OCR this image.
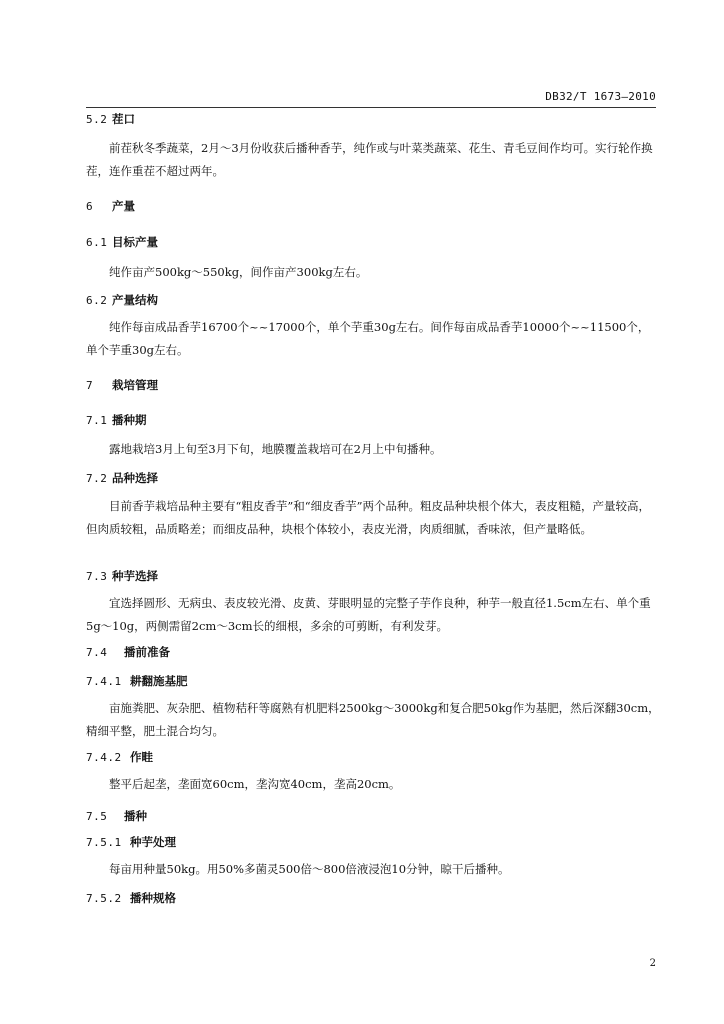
DB32/T 1673—2010
5.2 茬口

前茬秋冬季蔬菜，2月～3月份收获后播种香芋，纯作或与叶菜类蔬菜、花生、青毛豆间作均可。实行轮作换茬，连作重茬不超过两年。

6 产量
6.1 目标产量

纯作亩产500kg～550kg，间作亩产300kg左右。

6.2 产量结构

纯作每亩成品香芋16700个~~17000个，单个芋重30g左右。间作每亩成品香芋10000个~~11500个，单个芋重30g左右。

7 栽培管理
7.1 播种期

露地栽培3月上旬至3月下旬，地膜覆盖栽培可在2月上中旬播种。

7.2 品种选择

目前香芋栽培品种主要有“粗皮香芋”和“细皮香芋”两个品种。粗皮品种块根个体大，表皮粗糙，产量较高，但肉质较粗，品质略差；而细皮品种，块根个体较小，表皮光滑，肉质细腻，香味浓，但产量略低。

7.3 种芋选择

宜选择圆形、无病虫、表皮较光滑、皮黄、芽眼明显的完整子芋作良种，种芋一般直径1.5cm左右、单个重5g～10g，两侧需留2cm～3cm长的细根，多余的可剪断，有利发芽。

7.4 播前准备
7.4.1 耕翻施基肥

亩施粪肥、灰杂肥、植物秸秆等腐熟有机肥料2500kg～3000kg和复合肥50kg作为基肥，然后深翻30cm，精细平整，肥土混合均匀。

7.4.2 作畦

整平后起垄，垄面宽60cm，垄沟宽40cm，垄高20cm。

7.5 播种
7.5.1 种芋处理

每亩用种量50kg。用50%多菌灵500倍～800倍液浸泡10分钟，晾干后播种。

7.5.2 播种规格
2
